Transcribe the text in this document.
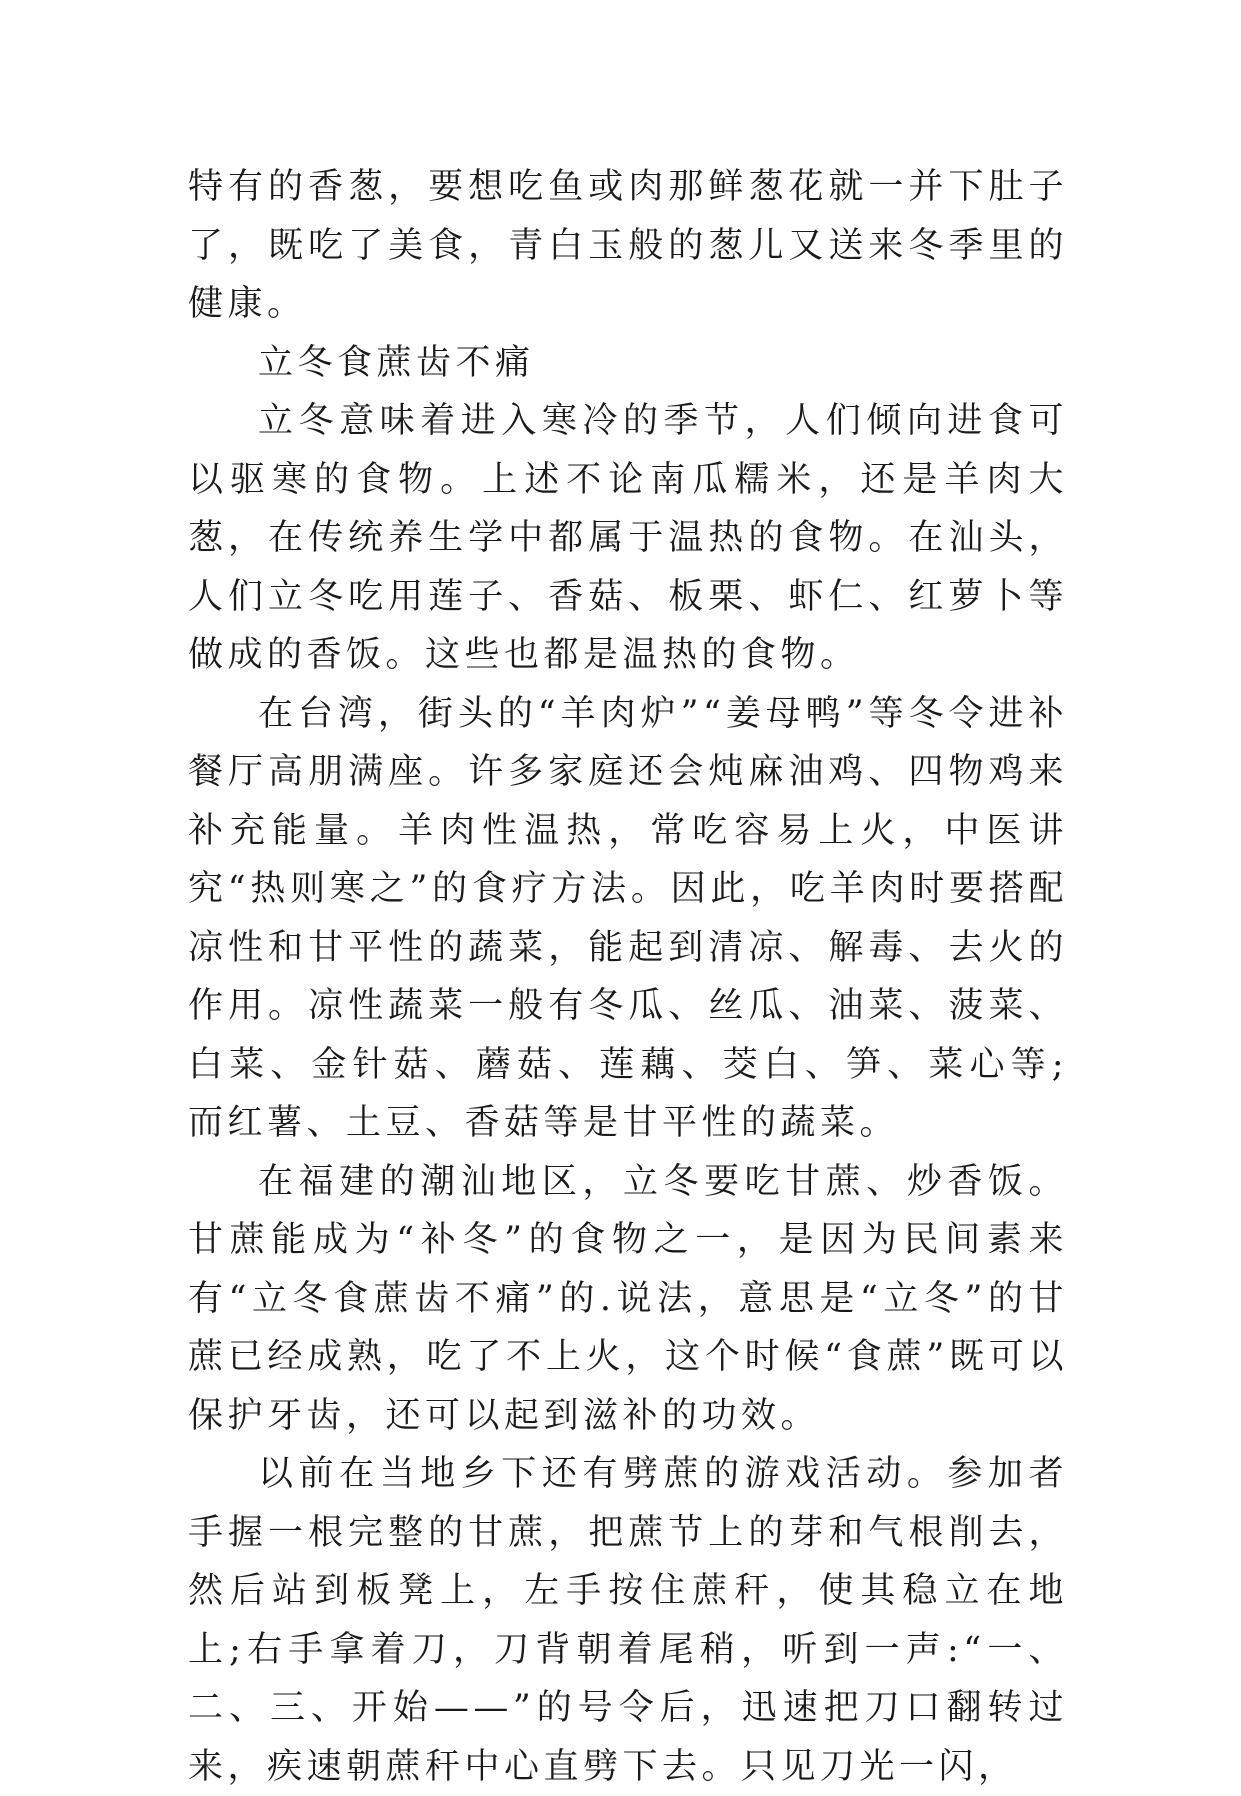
特有的香葱，要想吃鱼或肉那鲜葱花就一并下肚子了，既吃了美食，青白玉般的葱儿又送来冬季里的健康。

立冬食蔗齿不痛

立冬意味着进入寒冷的季节，人们倾向进食可以驱寒的食物。上述不论南瓜糯米，还是羊肉大葱，在传统养生学中都属于温热的食物。在汕头，人们立冬吃用莲子、香菇、板栗、虾仁、红萝卜等做成的香饭。这些也都是温热的食物。

在台湾，街头的“羊肉炉”“姜母鸭”等冬令进补餐厅高朋满座。许多家庭还会炖麻油鸡、四物鸡来补充能量。羊肉性温热，常吃容易上火，中医讲究“热则寒之”的食疗方法。因此，吃羊肉时要搭配凉性和甘平性的蔬菜，能起到清凉、解毒、去火的作用。凉性蔬菜一般有冬瓜、丝瓜、油菜、菠菜、白菜、金针菇、蘑菇、莲藕、茭白、笋、菜心等;而红薯、土豆、香菇等是甘平性的蔬菜。

在福建的潮汕地区，立冬要吃甘蔗、炒香饭。甘蔗能成为“补冬”的食物之一，是因为民间素来有“立冬食蔗齿不痛”的.说法，意思是“立冬”的甘蔗已经成熟，吃了不上火，这个时候“食蔗”既可以保护牙齿，还可以起到滋补的功效。

以前在当地乡下还有劈蔗的游戏活动。参加者手握一根完整的甘蔗，把蔗节上的芽和气根削去，然后站到板凳上，左手按住蔗秆，使其稳立在地上;右手拿着刀，刀背朝着尾稍，听到一声:“一、二、三、开始——”的号令后，迅速把刀口翻转过来，疾速朝蔗秆中心直劈下去。只见刀光一闪，
